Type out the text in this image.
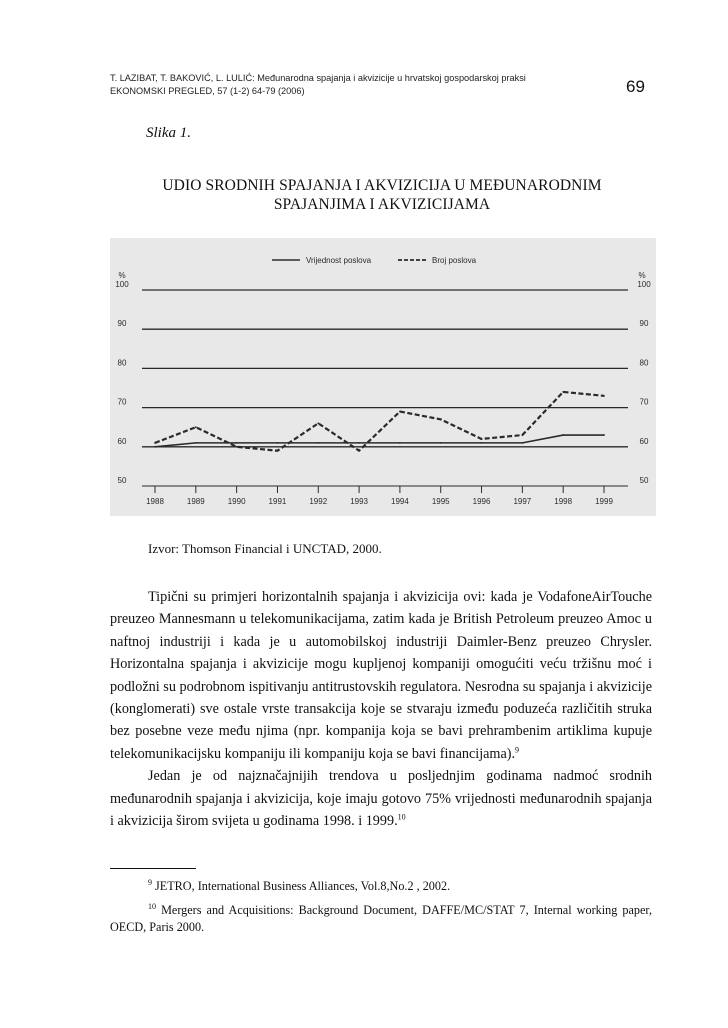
T. LAZIBAT, T. BAKOVIĆ, L. LULIĆ: Međunarodna spajanja i akvizicije u hrvatskoj gospodarskoj praksi
EKONOMSKI PREGLED, 57 (1-2) 64-79 (2006)	69
Slika 1.
UDIO SRODNIH SPAJANJA I AKVIZICIJA U MEĐUNARODNIM
SPAJANJIMA I AKVIZICIJAMA
Vrijednost poslova	Broj poslova
%	%
50	50
60	60
70	70
80	80
90	90
100	100
1988	1989	1990	1991	1992	1993	1994	1995	1996	1997	1998	1999
Izvor: Thomson Financial i UNCTAD, 2000.

Tipični su primjeri horizontalnih spajanja i akvizicija ovi: kada je VodafoneAirTouche preuzeo Mannesmann u telekomunikacijama, zatim kada je British Petroleum preuzeo Amoc u naftnoj industriji i kada je u automobilskoj industriji Daimler-Benz preuzeo Chrysler. Horizontalna spajanja i akvizicije mogu kupljenoj kompaniji omogućiti veću tržišnu moć i podložni su podrobnom ispitivanju antitrustovskih regulatora. Nesrodna su spajanja i akvizicije (konglomerati) sve ostale vrste transakcija koje se stvaraju između poduzeća različitih struka bez posebne veze među njima (npr. kompanija koja se bavi prehrambenim artiklima kupuje telekomunikacijsku kompaniju ili kompaniju koja se bavi financijama).$^9$

Jedan je od najznačajnijih trendova u posljednjim godinama nadmoć srodnih međunarodnih spajanja i akvizicija, koje imaju gotovo 75% vrijednosti međunarodnih spajanja i akvizicija širom svijeta u godinama 1998. i 1999.10

$^9$ JETRO, International Business Alliances, Vol.8,No.2 , 2002.
$^{10}$ Mergers and Acquisitions: Background Document, DAFFE/MC/STAT 7, Internal working paper, OECD, Paris 2000.
